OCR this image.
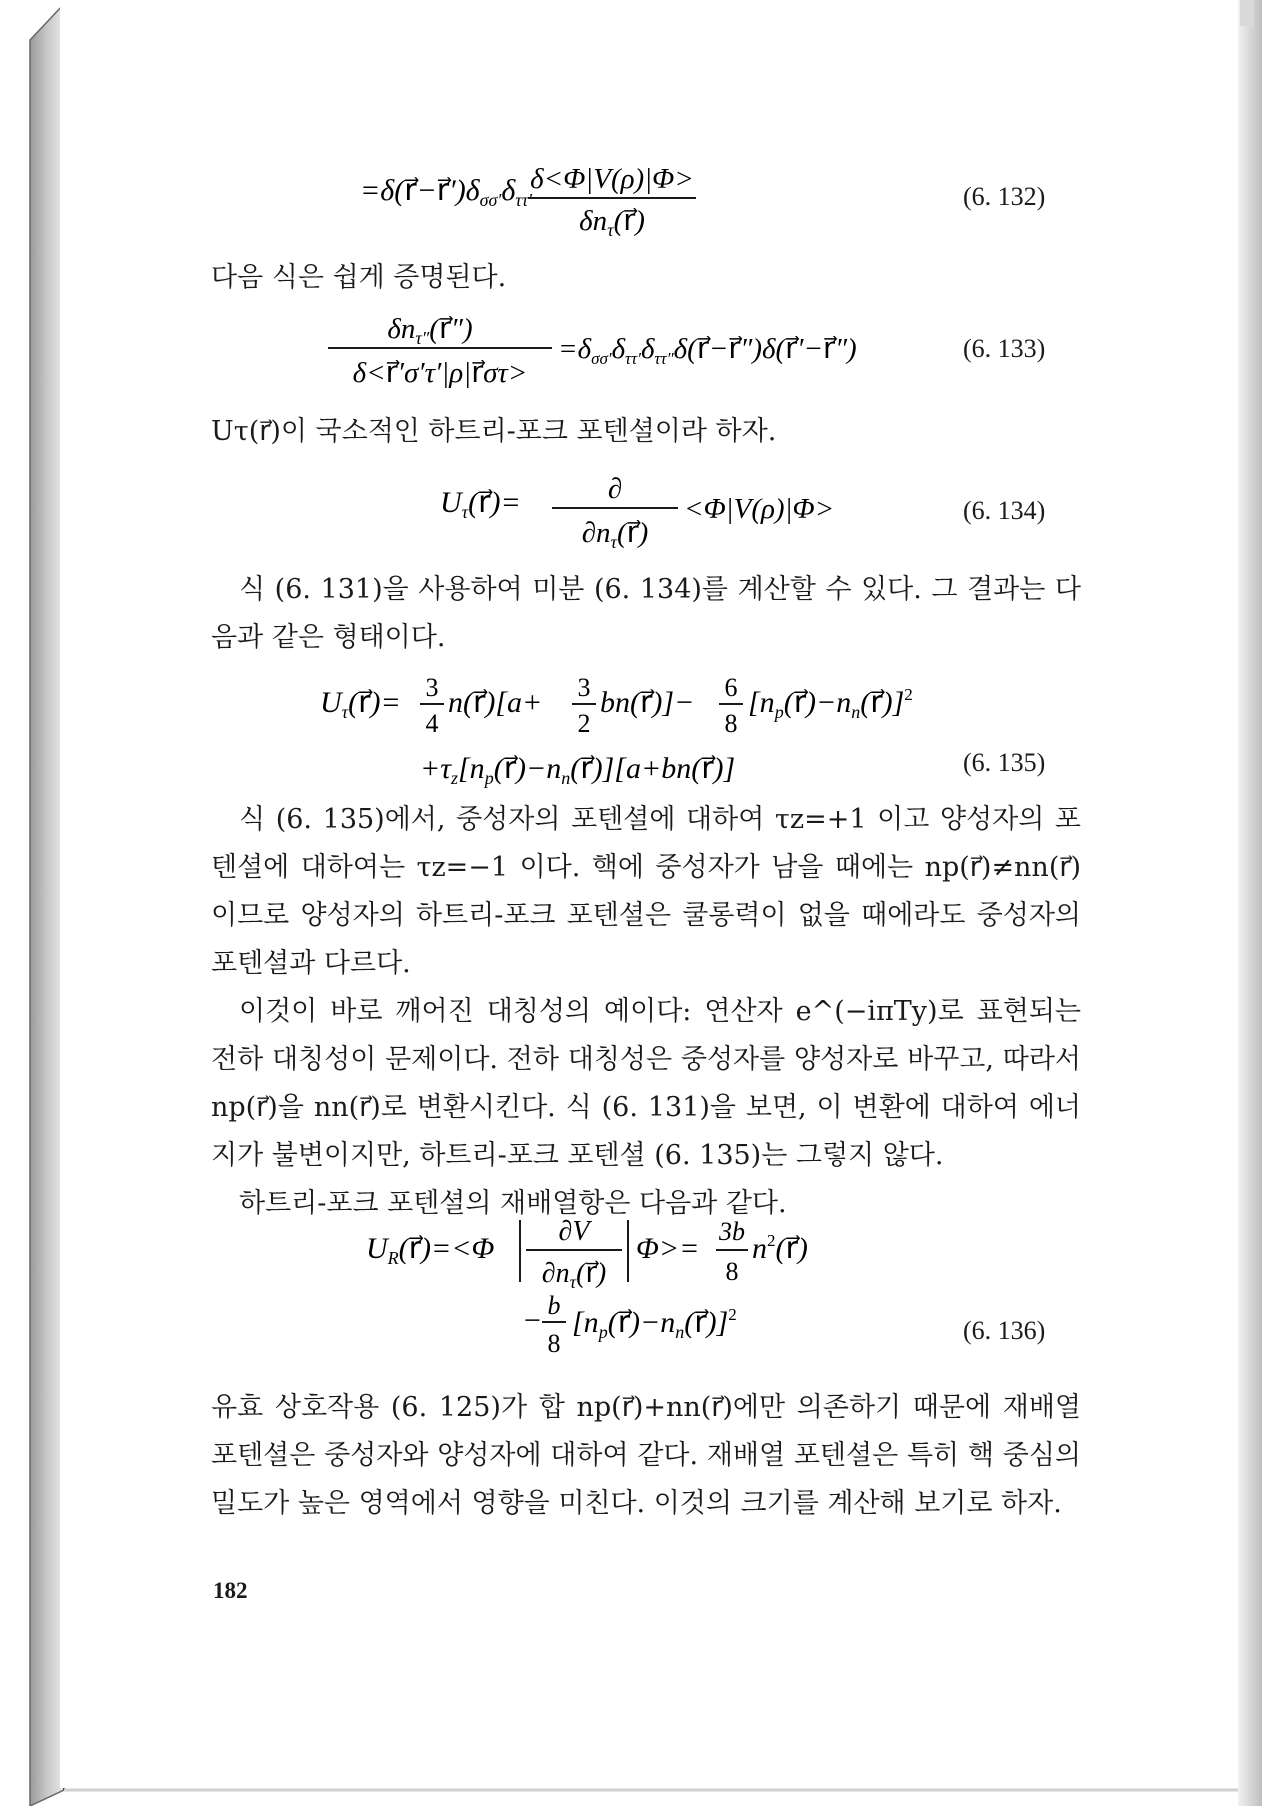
$=\delta(r⃗-r⃗')\delta_{\sigma\sigma'}\delta_{\tau\tau'}$
δ<Φ|V(ρ)|Φ>
$\delta n_\tau(r⃗)$
(6. 132)

다음 식은 쉽게 증명된다.

$\delta n_{\tau''}(r⃗'')$
δ<r⃗′σ′τ′|ρ|r⃗στ>
$=\delta_{\sigma\sigma'}\delta_{\tau\tau'}\delta_{\tau\tau''}\delta(r⃗-r⃗'')\delta(r⃗'-r⃗'')$	(6. 133)

Uτ(r⃗)이 국소적인 하트리-포크 포텐셜이라 하자.

$U_\tau(r⃗)=$	∂
$\partial n_\tau(r⃗)$
<Φ|V(ρ)|Φ>	(6. 134)

식 (6. 131)을 사용하여 미분 (6. 134)를 계산할 수 있다. 그 결과는 다음과 같은 형태이다.

$U_\tau(r⃗)= 3$
4
n(r⃗)[a+ 3
2
bn(r⃗)]− 6
8
$[n_p(r⃗)-n_n(r⃗)]^2$
$+\tau_z[n_p(r⃗)-n_n(r⃗)][a+bn(r⃗)]$	(6. 135)

식 (6. 135)에서, 중성자의 포텐셜에 대하여 τz=+1 이고 양성자의 포텐셜에 대하여는 τz=−1 이다. 핵에 중성자가 남을 때에는 np(r⃗)≠nn(r⃗) 이므로 양성자의 하트리-포크 포텐셜은 쿨롱력이 없을 때에라도 중성자의 포텐셜과 다르다.

이것이 바로 깨어진 대칭성의 예이다: 연산자 e^(−iπTy)로 표현되는 전하 대칭성이 문제이다. 전하 대칭성은 중성자를 양성자로 바꾸고, 따라서 np(r⃗)을 nn(r⃗)로 변환시킨다. 식 (6. 131)을 보면, 이 변환에 대하여 에너지가 불변이지만, 하트리-포크 포텐셜 (6. 135)는 그렇지 않다.

하트리-포크 포텐셜의 재배열항은 다음과 같다.

$U_R(r⃗)=<\Phi$
∂V
$\partial n_\tau(r⃗)$
Φ>=
3b
8
$n^2(r⃗)$
− b
8
$[n_p(r⃗)-n_n(r⃗)]^2$
(6. 136)

유효 상호작용 (6. 125)가 합 np(r⃗)+nn(r⃗)에만 의존하기 때문에 재배열 포텐셜은 중성자와 양성자에 대하여 같다. 재배열 포텐셜은 특히 핵 중심의 밀도가 높은 영역에서 영향을 미친다. 이것의 크기를 계산해 보기로 하자.

182
